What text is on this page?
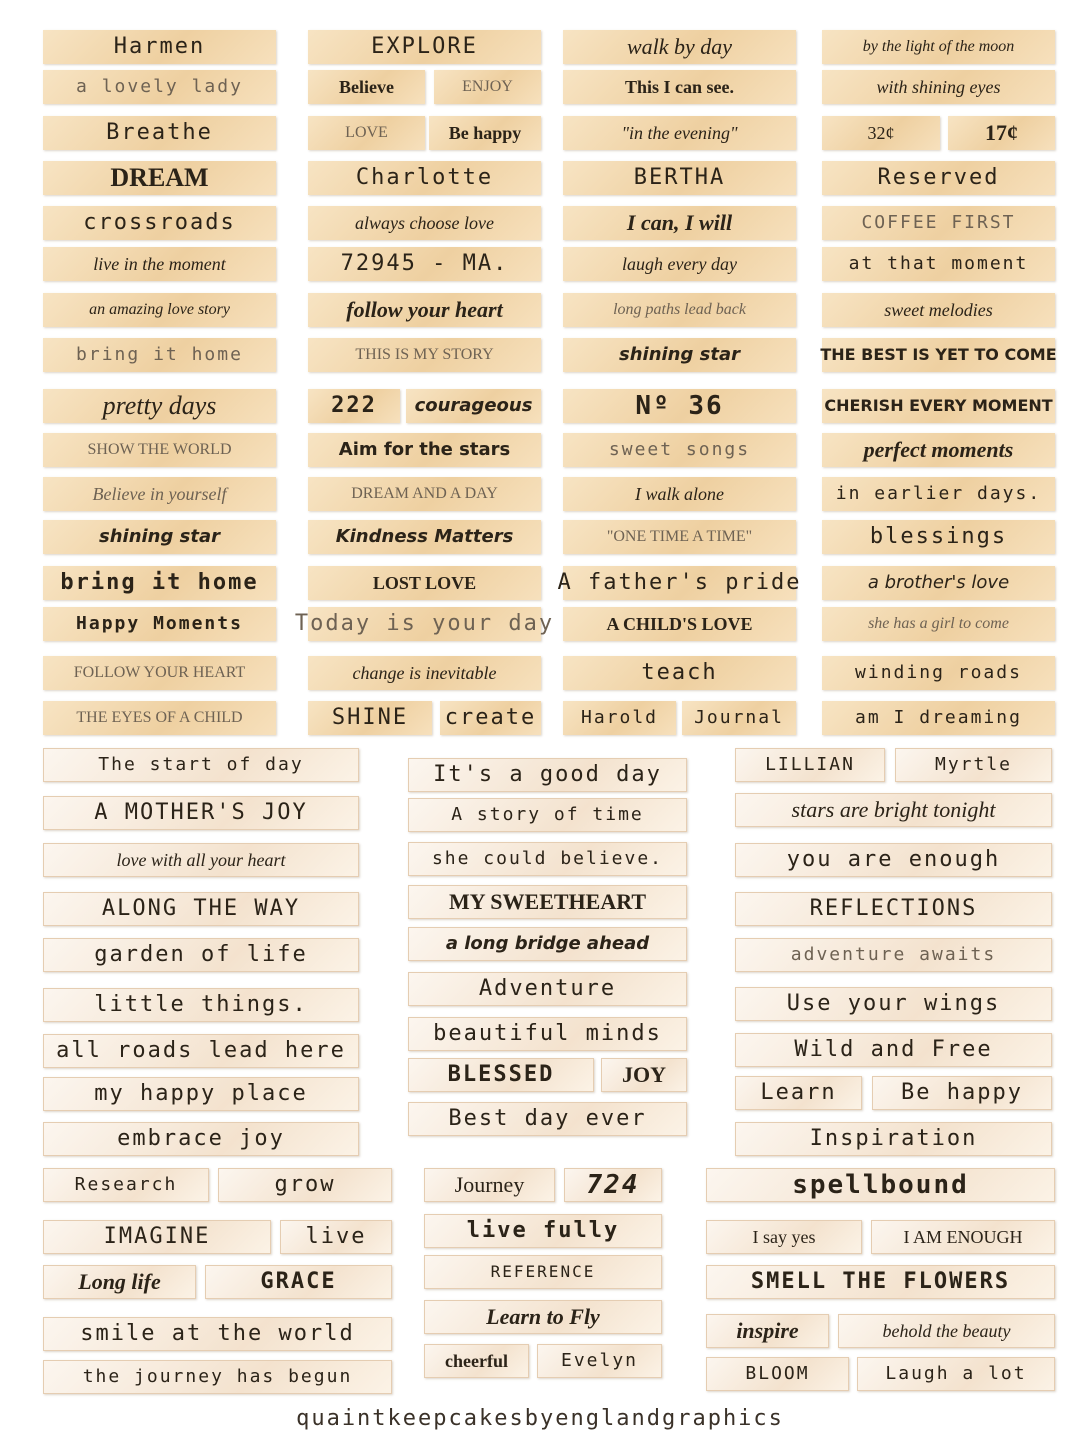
Harmen
a lovely lady
Breathe
DREAM
crossroads
live in the moment
an amazing love story
bring it home
pretty days
SHOW THE WORLD
Believe in yourself
shining star
bring it home
Happy Moments
FOLLOW YOUR HEART
THE EYES OF A CHILD
EXPLORE
Believe	ENJOY
LOVE	Be happy
Charlotte
always choose love
72945 - MA.
follow your heart
THIS IS MY STORY
222	courageous
Aim for the stars
DREAM AND A DAY
Kindness Matters
LOST LOVE
Today is your day
change is inevitable
SHINE	create
walk by day
This I can see.
"in the evening"
BERTHA
I can, I will
laugh every day
long paths lead back
shining star
Nº 36
sweet songs
I walk alone
"ONE TIME A TIME"
A father's pride
A CHILD'S LOVE
teach
Harold	Journal
by the light of the moon
with shining eyes
32¢	17¢
Reserved
COFFEE FIRST
at that moment
sweet melodies
THE BEST IS YET TO COME
CHERISH EVERY MOMENT
perfect moments
in earlier days.
blessings
a brother's love
she has a girl to come
winding roads
am I dreaming
The start of day
A MOTHER'S JOY
love with all your heart
ALONG THE WAY
garden of life
little things.
all roads lead here
my happy place
embrace joy
It's a good day
A story of time
she could believe.
MY SWEETHEART
a long bridge ahead
Adventure
beautiful minds
BLESSED	JOY
Best day ever
LILLIAN	Myrtle
stars are bright tonight
you are enough
REFLECTIONS
adventure awaits
Use your wings
Wild and Free
Learn	Be happy
Inspiration
Research	grow
IMAGINE	live
Long life	GRACE
smile at the world
the journey has begun
Journey	724
live fully
REFERENCE
Learn to Fly
cheerful	Evelyn
spellbound
I say yes	I AM ENOUGH
SMELL THE FLOWERS
inspire	behold the beauty
BLOOM	Laugh a lot
quaintkeepcakesbyenglandgraphics
